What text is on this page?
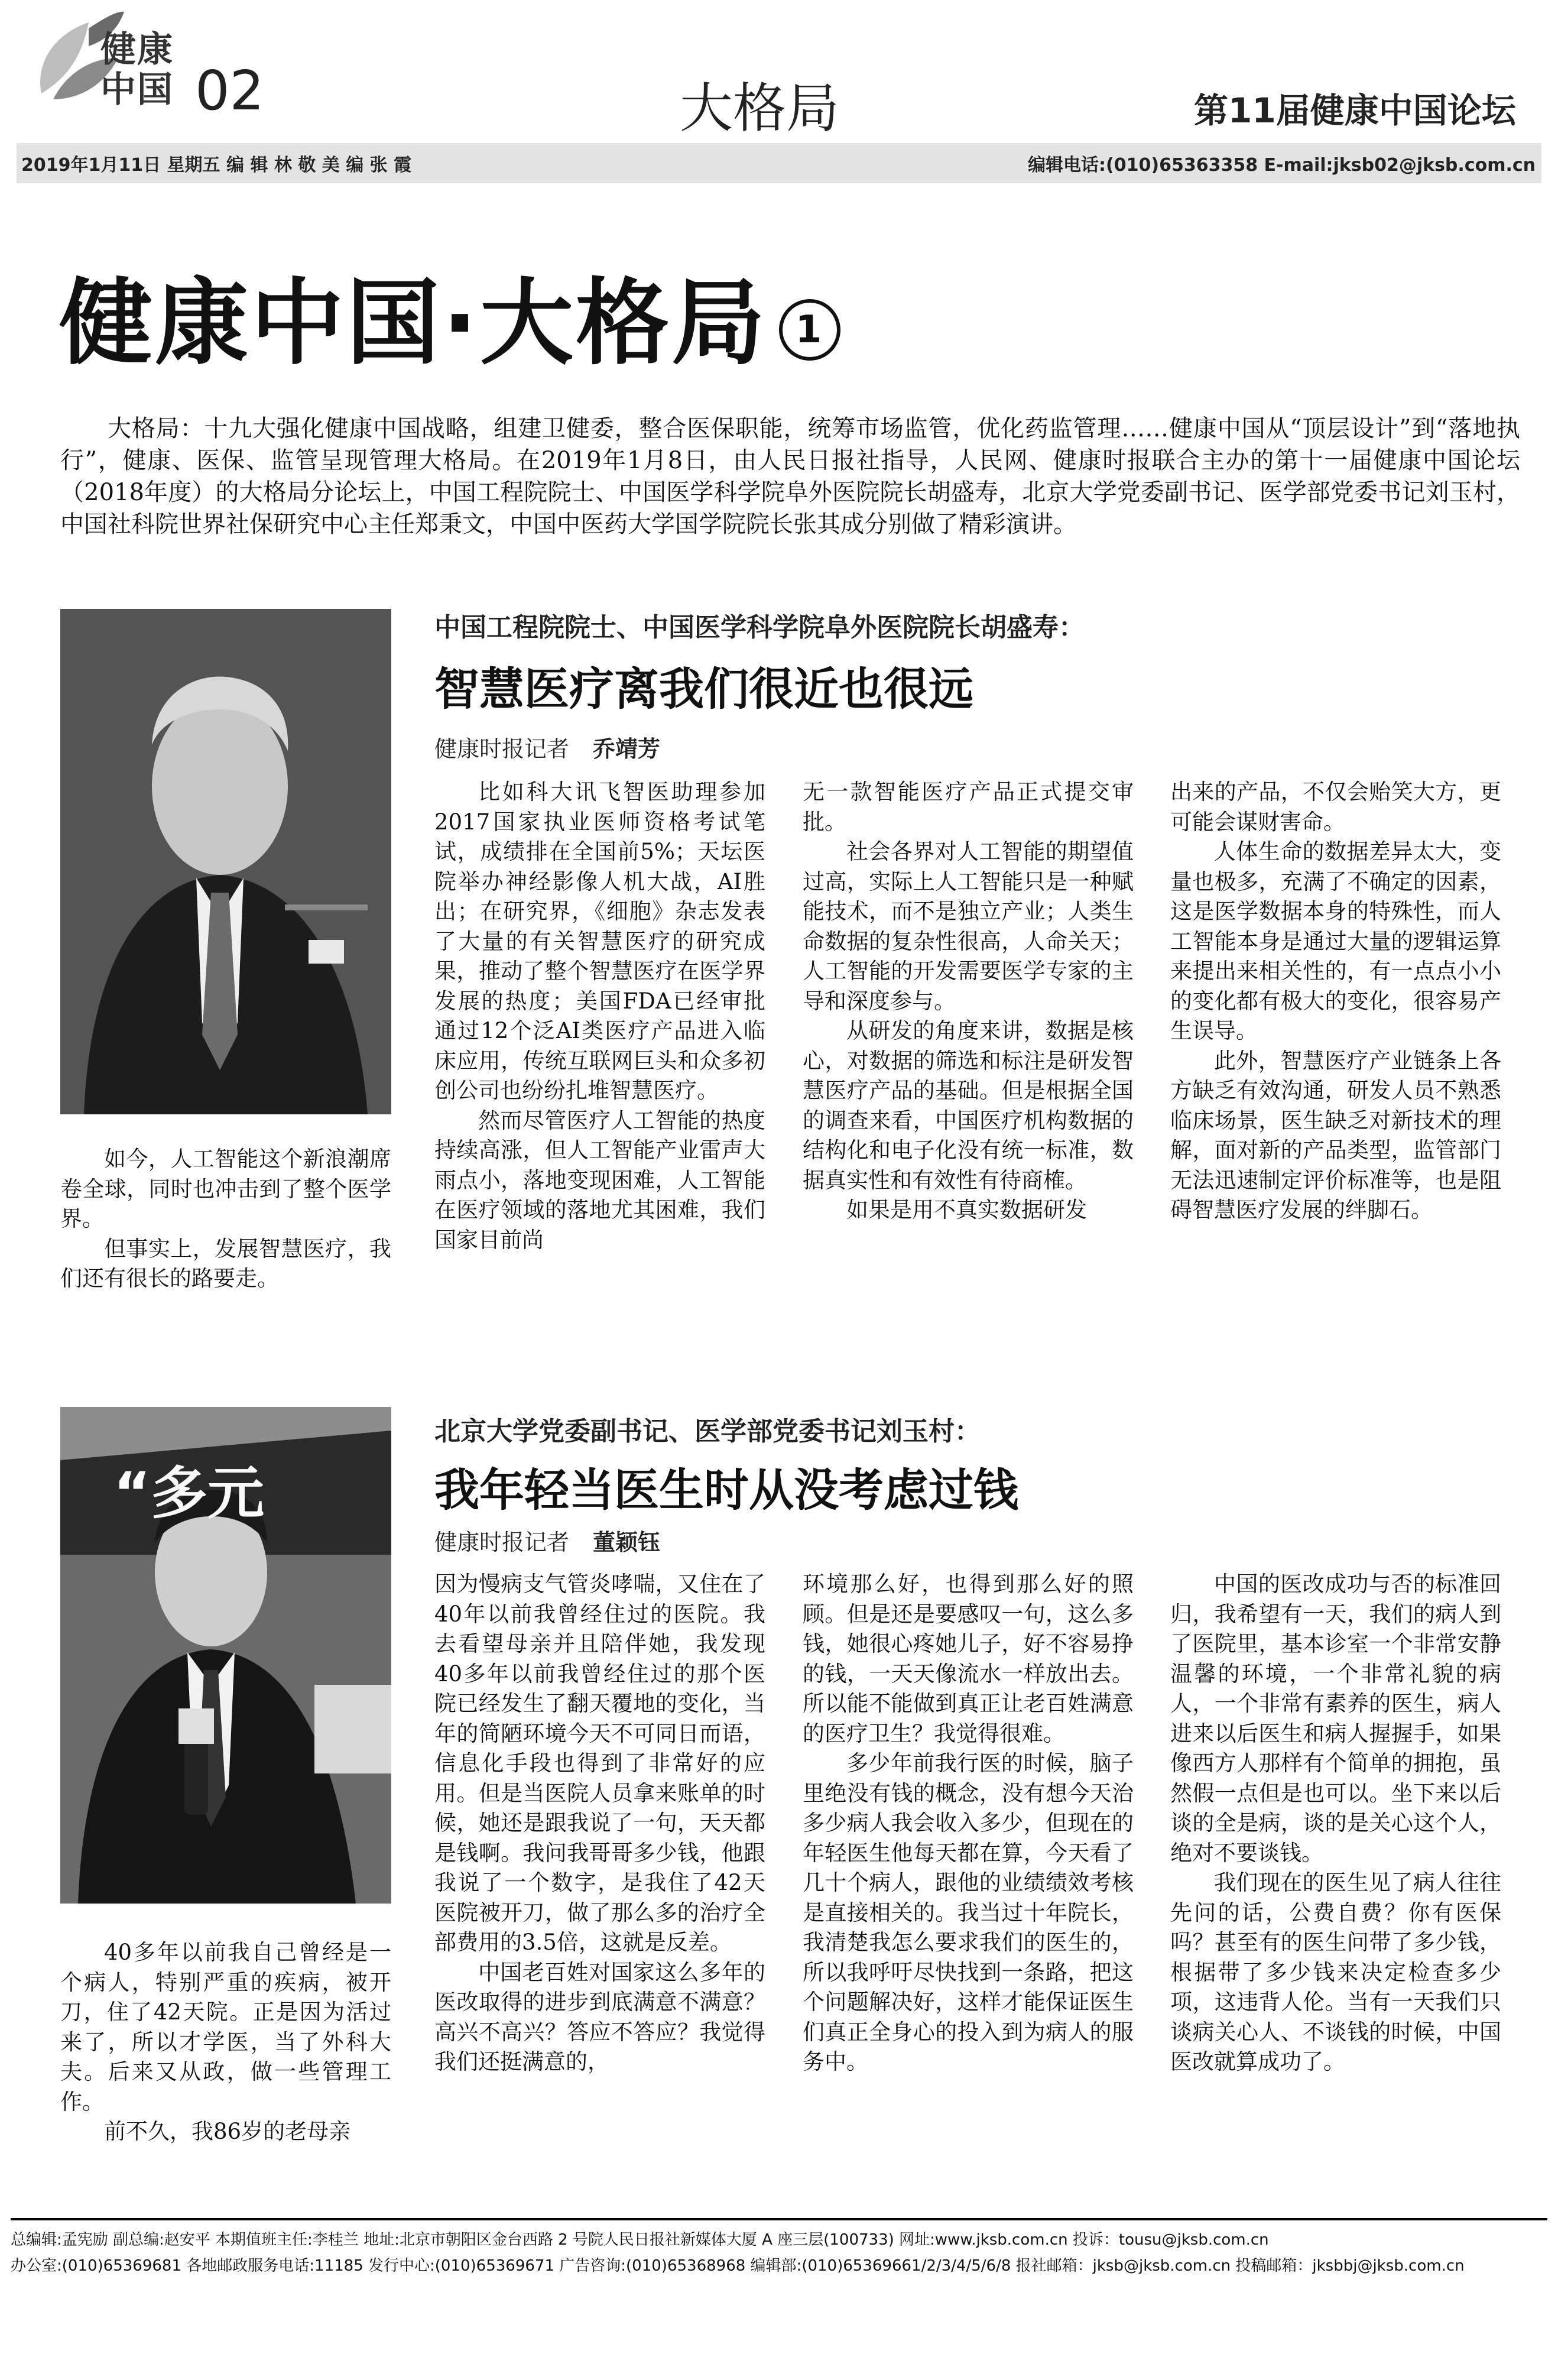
健康
中国 02	大格局	第11届健康中国论坛
2019年1月11日 星期五 编 辑 林 敬 美 编 张 霞	编辑电话:(010)65363358 E-mail:jksb02@jksb.com.cn
健康中国·大格局 1

大格局：十九大强化健康中国战略，组建卫健委，整合医保职能，统筹市场监管，优化药监管理……健康中国从“顶层设计”到“落地执行”，健康、医保、监管呈现管理大格局。在2019年1月8日，由人民日报社指导，人民网、健康时报联合主办的第十一届健康中国论坛（2018年度）的大格局分论坛上，中国工程院院士、中国医学科学院阜外医院院长胡盛寿，北京大学党委副书记、医学部党委书记刘玉村，中国社科院世界社保研究中心主任郑秉文，中国中医药大学国学院院长张其成分别做了精彩演讲。

中国工程院院士、中国医学科学院阜外医院院长胡盛寿：
智慧医疗离我们很近也很远
健康时报记者 乔靖芳

如今，人工智能这个新浪潮席卷全球，同时也冲击到了整个医学界。

但事实上，发展智慧医疗，我们还有很长的路要走。

比如科大讯飞智医助理参加2017国家执业医师资格考试笔试，成绩排在全国前5%；天坛医院举办神经影像人机大战，AI胜出；在研究界，《细胞》杂志发表了大量的有关智慧医疗的研究成果，推动了整个智慧医疗在医学界发展的热度；美国FDA已经审批通过12个泛AI类医疗产品进入临床应用，传统互联网巨头和众多初创公司也纷纷扎堆智慧医疗。

然而尽管医疗人工智能的热度持续高涨，但人工智能产业雷声大雨点小，落地变现困难，人工智能在医疗领域的落地尤其困难，我们国家目前尚

无一款智能医疗产品正式提交审批。

社会各界对人工智能的期望值过高，实际上人工智能只是一种赋能技术，而不是独立产业；人类生命数据的复杂性很高，人命关天；人工智能的开发需要医学专家的主导和深度参与。

从研发的角度来讲，数据是核心，对数据的筛选和标注是研发智慧医疗产品的基础。但是根据全国的调查来看，中国医疗机构数据的结构化和电子化没有统一标准，数据真实性和有效性有待商榷。

如果是用不真实数据研发

出来的产品，不仅会贻笑大方，更可能会谋财害命。

人体生命的数据差异太大，变量也极多，充满了不确定的因素，这是医学数据本身的特殊性，而人工智能本身是通过大量的逻辑运算来提出来相关性的，有一点点小小的变化都有极大的变化，很容易产生误导。

此外，智慧医疗产业链条上各方缺乏有效沟通，研发人员不熟悉临床场景，医生缺乏对新技术的理解，面对新的产品类型，监管部门无法迅速制定评价标准等，也是阻碍智慧医疗发展的绊脚石。

“多元
北京大学党委副书记、医学部党委书记刘玉村：
我年轻当医生时从没考虑过钱
健康时报记者 董颖钰

40多年以前我自己曾经是一个病人，特别严重的疾病，被开刀，住了42天院。正是因为活过来了，所以才学医，当了外科大夫。后来又从政，做一些管理工作。

前不久，我86岁的老母亲

因为慢病支气管炎哮喘，又住在了40年以前我曾经住过的医院。我去看望母亲并且陪伴她，我发现40多年以前我曾经住过的那个医院已经发生了翻天覆地的变化，当年的简陋环境今天不可同日而语，信息化手段也得到了非常好的应用。但是当医院人员拿来账单的时候，她还是跟我说了一句，天天都是钱啊。我问我哥哥多少钱，他跟我说了一个数字，是我住了42天医院被开刀，做了那么多的治疗全部费用的3.5倍，这就是反差。

中国老百姓对国家这么多年的医改取得的进步到底满意不满意？高兴不高兴？答应不答应？我觉得我们还挺满意的，

环境那么好，也得到那么好的照顾。但是还是要感叹一句，这么多钱，她很心疼她儿子，好不容易挣的钱，一天天像流水一样放出去。所以能不能做到真正让老百姓满意的医疗卫生？我觉得很难。

多少年前我行医的时候，脑子里绝没有钱的概念，没有想今天治多少病人我会收入多少，但现在的年轻医生他每天都在算，今天看了几十个病人，跟他的业绩绩效考核是直接相关的。我当过十年院长，我清楚我怎么要求我们的医生的，所以我呼吁尽快找到一条路，把这个问题解决好，这样才能保证医生们真正全身心的投入到为病人的服务中。

中国的医改成功与否的标准回归，我希望有一天，我们的病人到了医院里，基本诊室一个非常安静温馨的环境，一个非常礼貌的病人，一个非常有素养的医生，病人进来以后医生和病人握握手，如果像西方人那样有个简单的拥抱，虽然假一点但是也可以。坐下来以后谈的全是病，谈的是关心这个人，绝对不要谈钱。

我们现在的医生见了病人往往先问的话，公费自费？你有医保吗？甚至有的医生问带了多少钱，根据带了多少钱来决定检查多少项，这违背人伦。当有一天我们只谈病关心人、不谈钱的时候，中国医改就算成功了。

总编辑:孟宪励 副总编:赵安平 本期值班主任:李桂兰 地址:北京市朝阳区金台西路 2 号院人民日报社新媒体大厦 A 座三层(100733) 网址:www.jksb.com.cn 投诉：tousu@jksb.com.cn
办公室:(010)65369681 各地邮政服务电话:11185 发行中心:(010)65369671 广告咨询:(010)65368968 编辑部:(010)65369661/2/3/4/5/6/8 报社邮箱：jksb@jksb.com.cn 投稿邮箱：jksbbj@jksb.com.cn
